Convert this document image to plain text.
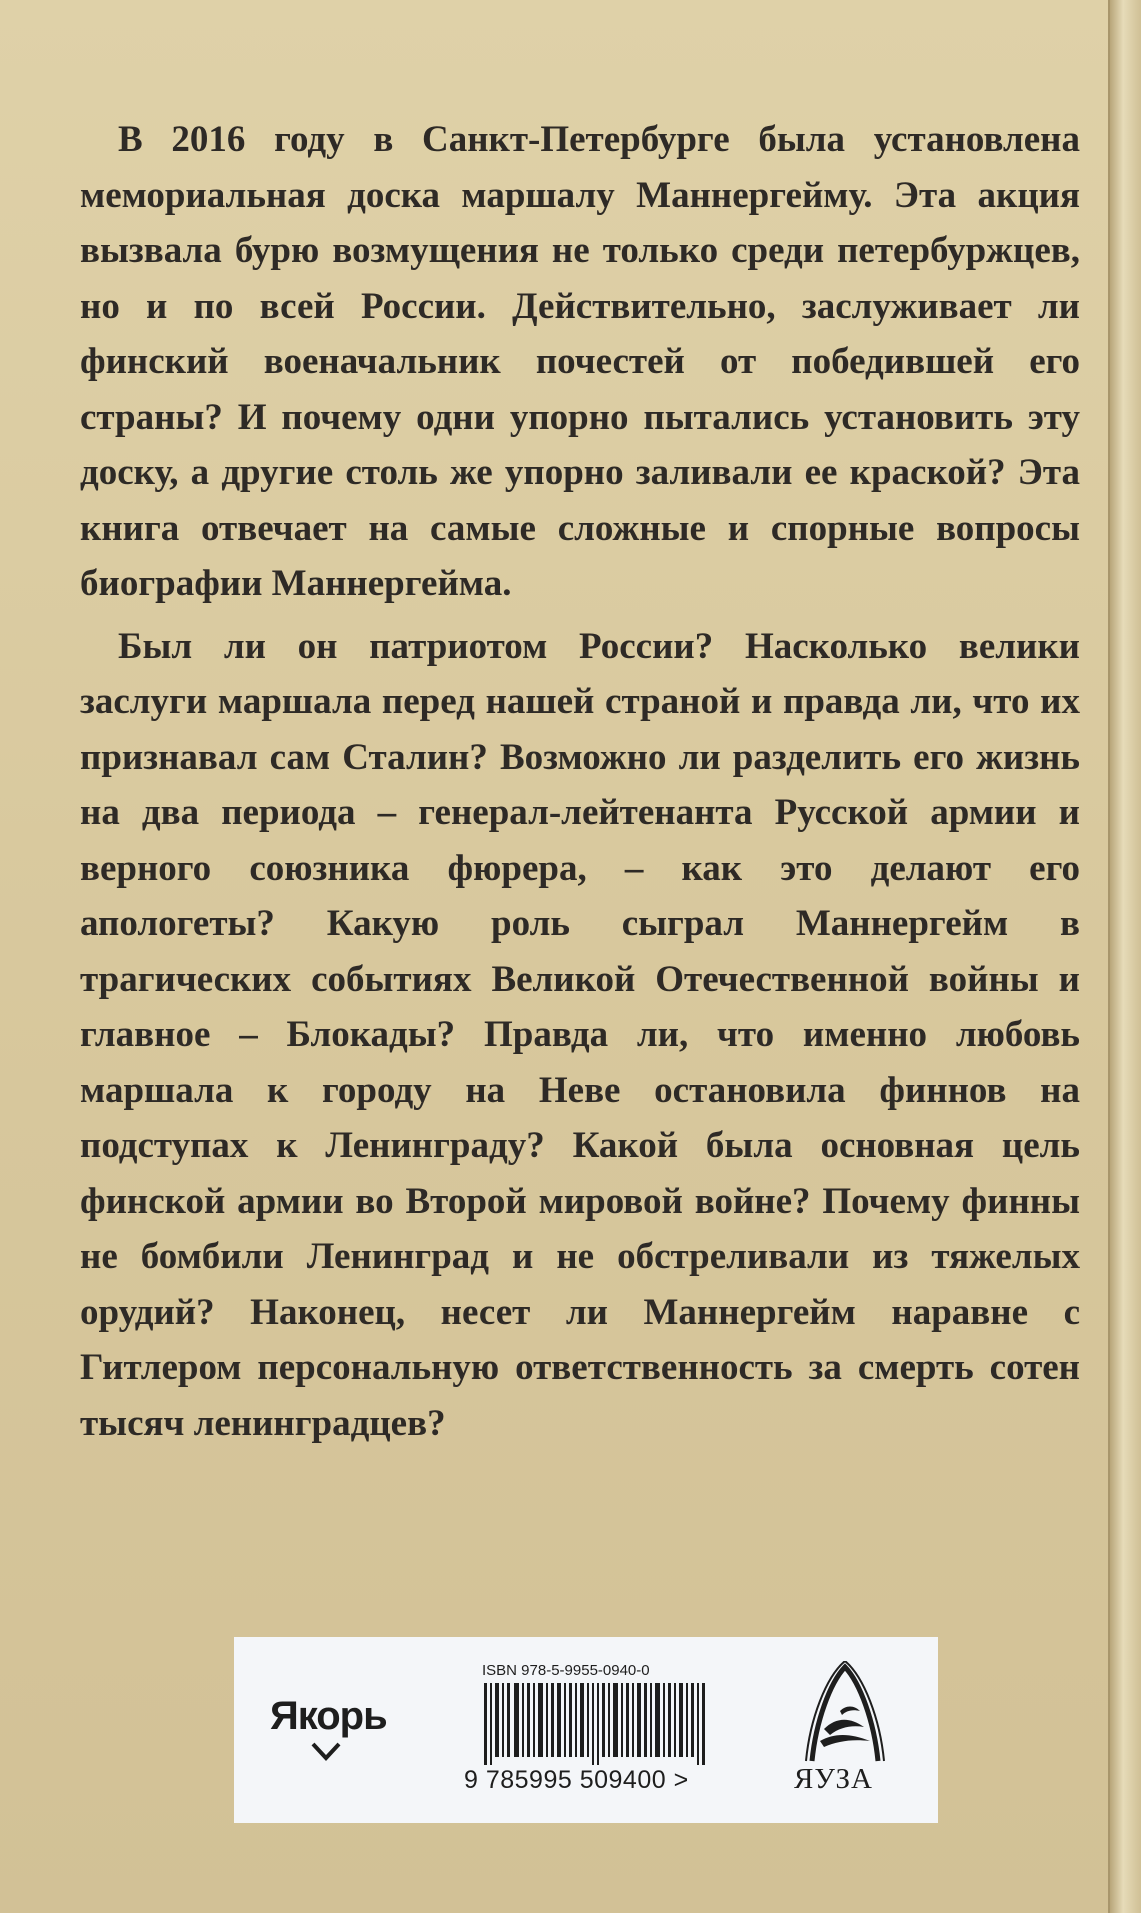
В 2016 году в Санкт-Петербурге была установлена мемориальная доска маршалу Маннергейму. Эта акция вызвала бурю возмущения не только среди петербуржцев, но и по всей России. Действительно, заслуживает ли финский военачальник почестей от победившей его страны? И почему одни упорно пытались установить эту доску, а другие столь же упорно заливали ее краской? Эта книга отвечает на самые сложные и спорные вопросы биографии Маннергейма.

Был ли он патриотом России? Насколько велики заслуги маршала перед нашей страной и правда ли, что их признавал сам Сталин? Возможно ли разделить его жизнь на два периода – генерал-лейтенанта Русской армии и верного союзника фюрера, – как это делают его апологеты? Какую роль сыграл Маннергейм в трагических событиях Великой Отечественной войны и главное – Блокады? Правда ли, что именно любовь маршала к городу на Неве остановила финнов на подступах к Ленинграду? Какой была основная цель финской армии во Второй мировой войне? Почему финны не бомбили Ленинград и не обстреливали из тяжелых орудий? Наконец, несет ли Маннергейм наравне с Гитлером персональную ответственность за смерть сотен тысяч ленинградцев?

Якорь
ISBN 978-5-9955-0940-0
9 785995 509400 >	ЯУЗА
